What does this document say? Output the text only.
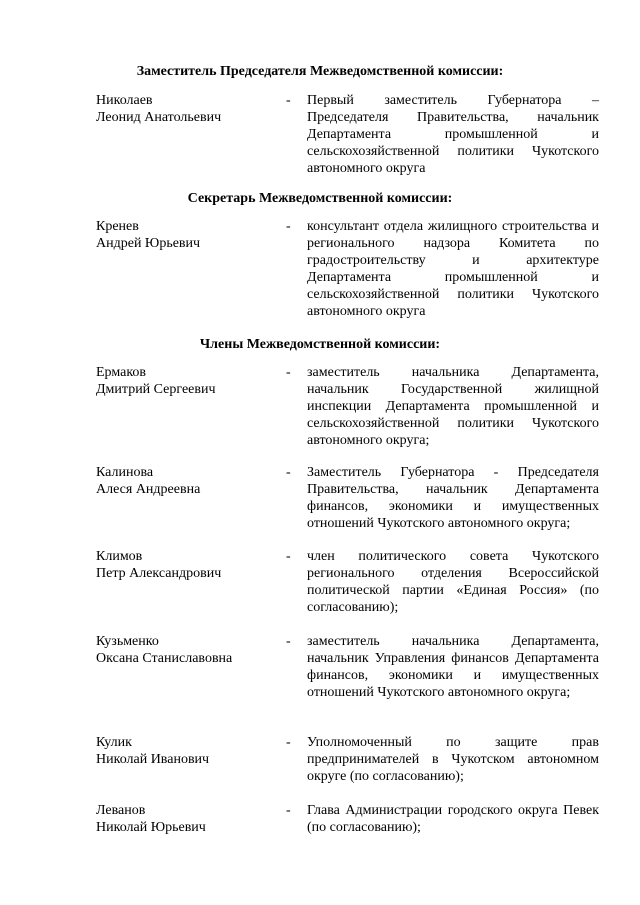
Заместитель Председателя Межведомственной комиссии:
Николаев
Леонид Анатольевич
- Первый заместитель Губернатора – Председателя Правительства, начальник Департамента промышленной и сельскохозяйственной политики Чукотского автономного округа
Секретарь Межведомственной комиссии:
Кренев
Андрей Юрьевич
- консультант отдела жилищного строительства и регионального надзора Комитета по градостроительству и архитектуре Департамента промышленной и сельскохозяйственной политики Чукотского автономного округа
Члены Межведомственной комиссии:
Ермаков
Дмитрий Сергеевич
- заместитель начальника Департамента, начальник Государственной жилищной инспекции Департамента промышленной и сельскохозяйственной политики Чукотского автономного округа;
Калинова
Алеся Андреевна
- Заместитель Губернатора - Председателя Правительства, начальник Департамента финансов, экономики и имущественных отношений Чукотского автономного округа;
Климов
Петр Александрович
- член политического совета Чукотского регионального отделения Всероссийской политической партии «Единая Россия» (по согласованию);
Кузьменко
Оксана Станиславовна
- заместитель начальника Департамента, начальник Управления финансов Департамента финансов, экономики и имущественных отношений Чукотского автономного округа;
Кулик
Николай Иванович
- Уполномоченный по защите прав предпринимателей в Чукотском автономном округе (по согласованию);
Леванов
Николай Юрьевич
- Глава Администрации городского округа Певек (по согласованию);
